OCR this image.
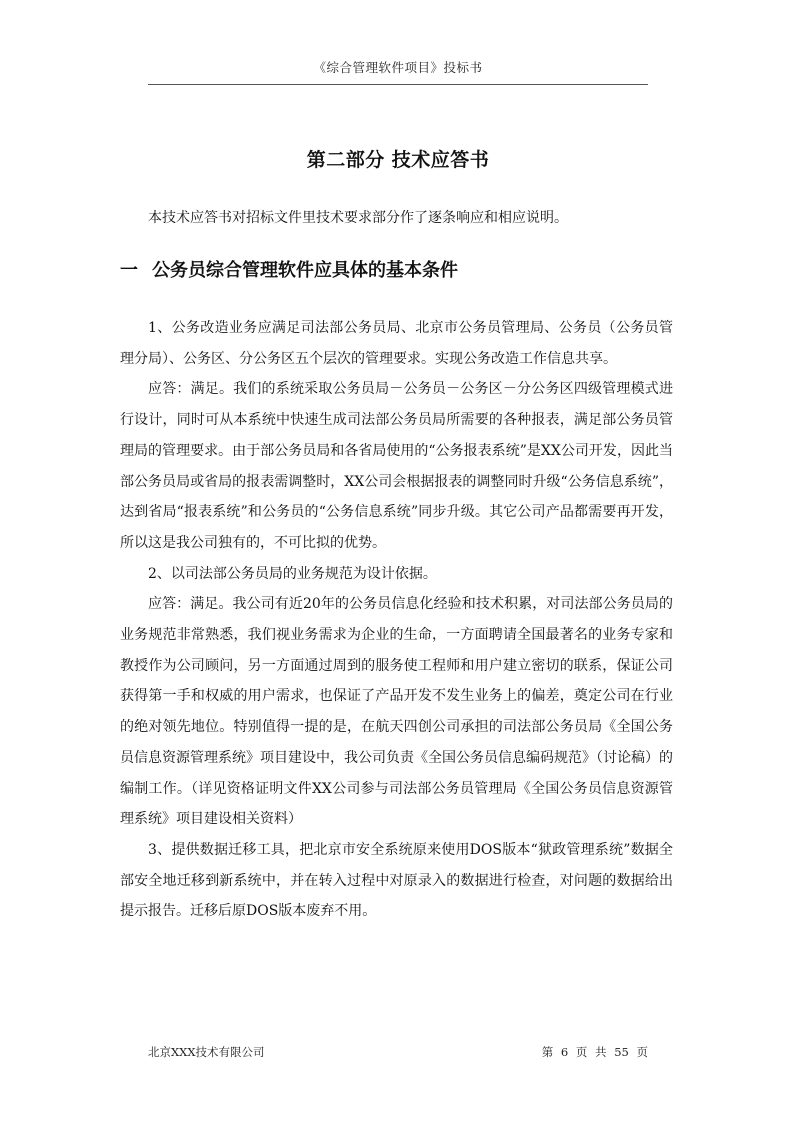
《综合管理软件项目》投标书
第二部分 技术应答书
本技术应答书对招标文件里技术要求部分作了逐条响应和相应说明。
一 公务员综合管理软件应具体的基本条件

1、公务改造业务应满足司法部公务员局、北京市公务员管理局、公务员（公务员管理分局）、公务区、分公务区五个层次的管理要求。实现公务改造工作信息共享。

应答：满足。我们的系统采取公务员局－公务员－公务区－分公务区四级管理模式进行设计，同时可从本系统中快速生成司法部公务员局所需要的各种报表，满足部公务员管理局的管理要求。由于部公务员局和各省局使用的“公务报表系统”是XX公司开发，因此当部公务员局或省局的报表需调整时，XX公司会根据报表的调整同时升级“公务信息系统”，达到省局“报表系统”和公务员的“公务信息系统”同步升级。其它公司产品都需要再开发，所以这是我公司独有的，不可比拟的优势。

2、以司法部公务员局的业务规范为设计依据。

应答：满足。我公司有近20年的公务员信息化经验和技术积累，对司法部公务员局的业务规范非常熟悉，我们视业务需求为企业的生命，一方面聘请全国最著名的业务专家和教授作为公司顾问，另一方面通过周到的服务使工程师和用户建立密切的联系，保证公司获得第一手和权威的用户需求，也保证了产品开发不发生业务上的偏差，奠定公司在行业的绝对领先地位。特别值得一提的是，在航天四创公司承担的司法部公务员局《全国公务员信息资源管理系统》项目建设中，我公司负责《全国公务员信息编码规范》（讨论稿）的编制工作。（详见资格证明文件XX公司参与司法部公务员管理局《全国公务员信息资源管理系统》项目建设相关资料）

3、提供数据迁移工具，把北京市安全系统原来使用DOS版本“狱政管理系统”数据全部安全地迁移到新系统中，并在转入过程中对原录入的数据进行检查，对问题的数据给出提示报告。迁移后原DOS版本废弃不用。

北京XXX技术有限公司	第 6 页 共 55 页
